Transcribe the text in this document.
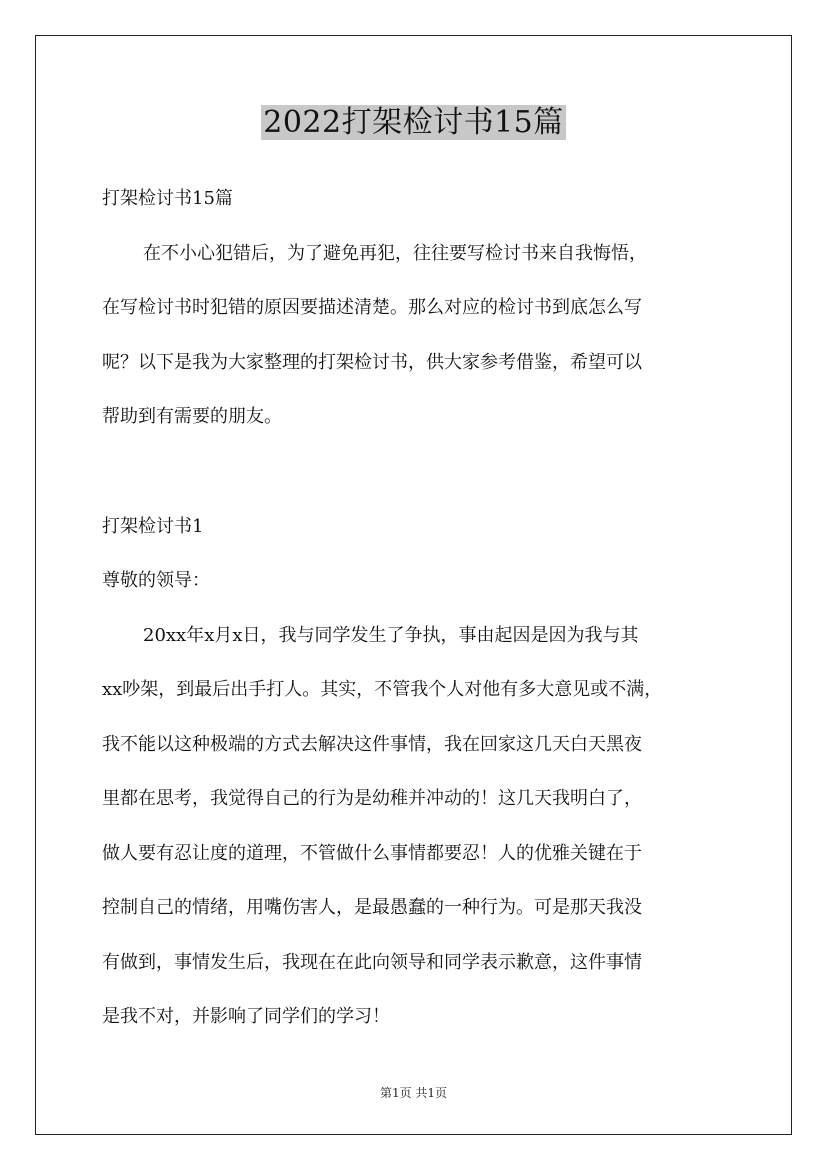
2022打架检讨书15篇

打架检讨书15篇

在不小心犯错后，为了避免再犯，往往要写检讨书来自我悔悟，

在写检讨书时犯错的原因要描述清楚。那么对应的检讨书到底怎么写

呢？以下是我为大家整理的打架检讨书，供大家参考借鉴，希望可以

帮助到有需要的朋友。

打架检讨书1

尊敬的领导：

20xx年x月x日，我与同学发生了争执，事由起因是因为我与其

xx吵架，到最后出手打人。其实，不管我个人对他有多大意见或不满，

我不能以这种极端的方式去解决这件事情，我在回家这几天白天黑夜

里都在思考，我觉得自己的行为是幼稚并冲动的！这几天我明白了，

做人要有忍让度的道理，不管做什么事情都要忍！人的优雅关键在于

控制自己的情绪，用嘴伤害人，是最愚蠢的一种行为。可是那天我没

有做到，事情发生后，我现在在此向领导和同学表示歉意，这件事情

是我不对，并影响了同学们的学习！

第1页 共1页
